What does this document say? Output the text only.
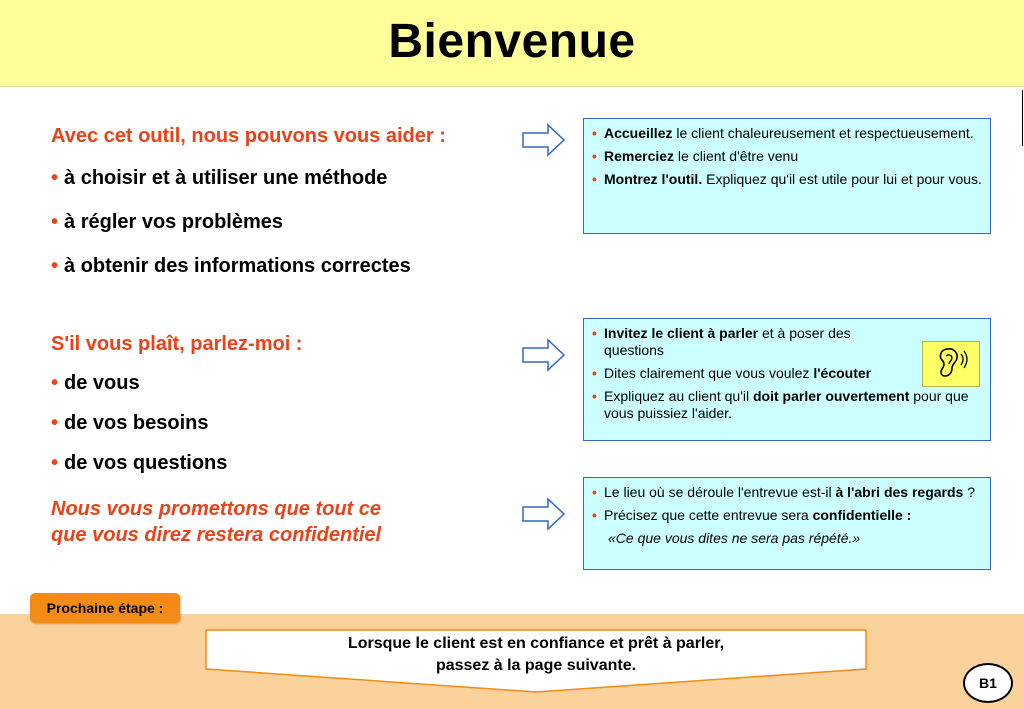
Bienvenue
Avec cet outil, nous pouvons vous aider :
• à choisir et à utiliser une méthode
• à régler vos problèmes
• à obtenir des informations correctes
S'il vous plaît, parlez-moi :
• de vous
• de vos besoins
• de vos questions
Nous vous promettons que tout ce
que vous direz restera confidentiel
• Accueillez le client chaleureusement et respectueusement.
• Remerciez le client d'être venu
• Montrez l'outil. Expliquez qu'il est utile pour lui et pour vous.
• Invitez le client à parler et à poser des questions
• Dites clairement que vous voulez l'écouter
• Expliquez au client qu'il doit parler ouvertement pour que vous puissiez l'aider.
• Le lieu où se déroule l'entrevue est-il à l'abri des regards ?
• Précisez que cette entrevue sera confidentielle :
«Ce que vous dites ne sera pas répété.»
Prochaine étape :
Lorsque le client est en confiance et prêt à parler,
passez à la page suivante.
B1
